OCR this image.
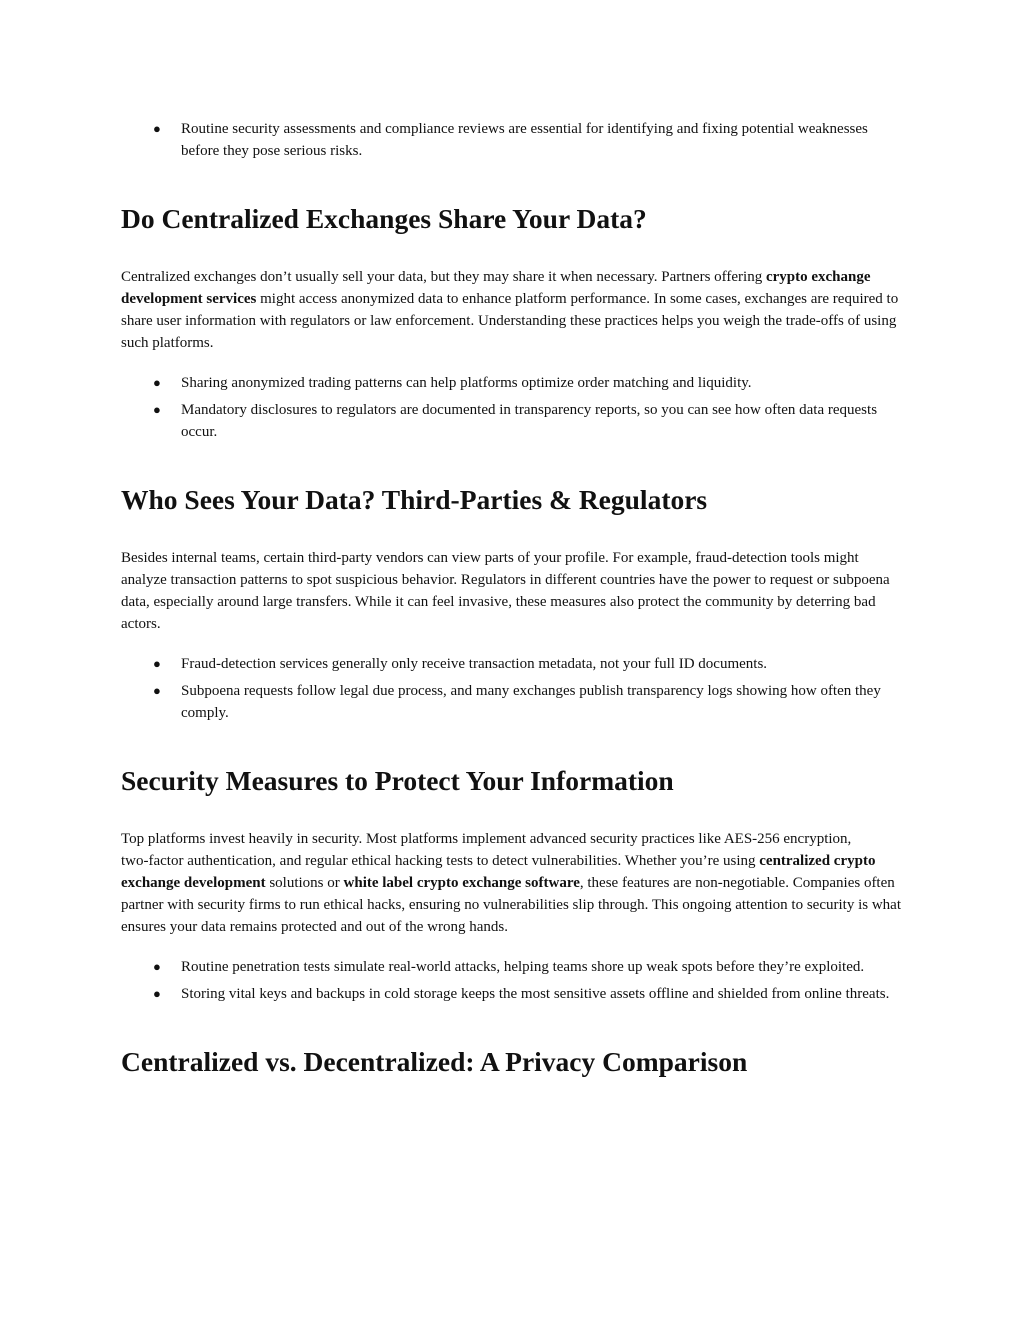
● Routine security assessments and compliance reviews are essential for identifying and fixing potential weaknesses before they pose serious risks.
Do Centralized Exchanges Share Your Data?

Centralized exchanges don’t usually sell your data, but they may share it when necessary. Partners offering crypto exchange development services might access anonymized data to enhance platform performance. In some cases, exchanges are required to share user information with regulators or law enforcement. Understanding these practices helps you weigh the trade-offs of using such platforms.

● Sharing anonymized trading patterns can help platforms optimize order matching and liquidity.
● Mandatory disclosures to regulators are documented in transparency reports, so you can see how often data requests occur.
Who Sees Your Data? Third‑Parties & Regulators

Besides internal teams, certain third‑party vendors can view parts of your profile. For example, fraud‑detection tools might analyze transaction patterns to spot suspicious behavior. Regulators in different countries have the power to request or subpoena data, especially around large transfers. While it can feel invasive, these measures also protect the community by deterring bad actors.

● Fraud‑detection services generally only receive transaction metadata, not your full ID documents.
● Subpoena requests follow legal due process, and many exchanges publish transparency logs showing how often they comply.
Security Measures to Protect Your Information

Top platforms invest heavily in security. Most platforms implement advanced security practices like AES‑256 encryption, two‑factor authentication, and regular ethical hacking tests to detect vulnerabilities. Whether you’re using centralized crypto exchange development solutions or white label crypto exchange software, these features are non‑negotiable. Companies often partner with security firms to run ethical hacks, ensuring no vulnerabilities slip through. This ongoing attention to security is what ensures your data remains protected and out of the wrong hands.

● Routine penetration tests simulate real‑world attacks, helping teams shore up weak spots before they’re exploited.
● Storing vital keys and backups in cold storage keeps the most sensitive assets offline and shielded from online threats.
Centralized vs. Decentralized: A Privacy Comparison
